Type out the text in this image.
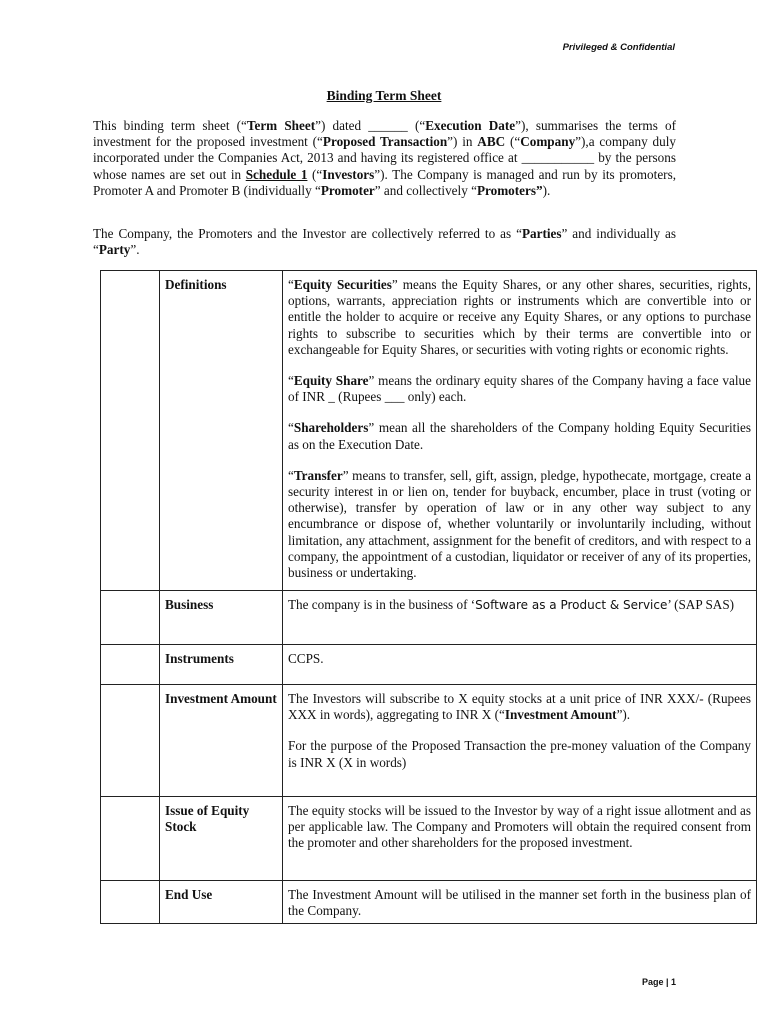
Privileged & Confidential
Binding Term Sheet

This binding term sheet (“Term Sheet”) dated ______ (“Execution Date”), summarises the terms of investment for the proposed investment (“Proposed Transaction”) in ABC (“Company”),a company duly incorporated under the Companies Act, 2013 and having its registered office at ___________ by the persons whose names are set out in Schedule 1 (“Investors”). The Company is managed and run by its promoters, Promoter A and Promoter B (individually “Promoter” and collectively “Promoters”).

The Company, the Promoters and the Investor are collectively referred to as “Parties” and individually as “Party”.

	Definitions	“Equity Securities” means the Equity Shares, or any other shares, securities, rights, options, warrants, appreciation rights or instruments which are convertible into or entitle the holder to acquire or receive any Equity Shares, or any options to purchase rights to subscribe to securities which by their terms are convertible into or exchangeable for Equity Shares, or securities with voting rights or economic rights.

“Equity Share” means the ordinary equity shares of the Company having a face value of INR _ (Rupees ___ only) each.

“Shareholders” mean all the shareholders of the Company holding Equity Securities as on the Execution Date.

“Transfer” means to transfer, sell, gift, assign, pledge, hypothecate, mortgage, create a security interest in or lien on, tender for buyback, encumber, place in trust (voting or otherwise), transfer by operation of law or in any other way subject to any encumbrance or dispose of, whether voluntarily or involuntarily including, without limitation, any attachment, assignment for the benefit of creditors, and with respect to a company, the appointment of a custodian, liquidator or receiver of any of its properties, business or undertaking.

	Business	The company is in the business of ‘Software as a Product & Service’ (SAP SAS)
	Instruments	CCPS.
	Investment Amount	The Investors will subscribe to X equity stocks at a unit price of INR XXX/- (Rupees XXX in words), aggregating to INR X (“Investment Amount”).

For the purpose of the Proposed Transaction the pre-money valuation of the Company is INR X (X in words)

	Issue of Equity Stock	The equity stocks will be issued to the Investor by way of a right issue allotment and as per applicable law. The Company and Promoters will obtain the required consent from the promoter and other shareholders for the proposed investment.
	End Use	The Investment Amount will be utilised in the manner set forth in the business plan of the Company.
Page | 1
